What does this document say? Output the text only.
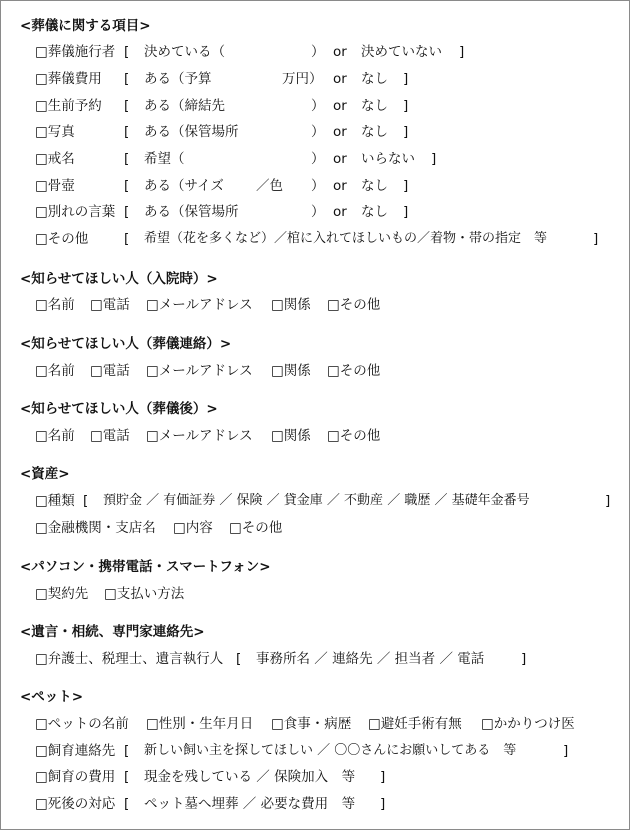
<葬儀に関する項目>
□葬儀施行者 [ 決めている（	） or 決めていない ]
□葬儀費用 [ ある（予算	万円） or なし ]
□生前予約 [ ある（締結先	） or なし ]
□写真	[ ある（保管場所	） or なし ]
□戒名	[ 希望（	） or いらない ]
□骨壺	[ ある（サイズ ／色 ） or なし ]
□別れの言葉 [ ある（保管場所	） or なし ]
□その他	[ 希望（花を多くなど）／棺に入れてほしいもの／着物・帯の指定　等	]
<知らせてほしい人（入院時）>
□名前 □電話 □メールアドレス □関係 □その他
<知らせてほしい人（葬儀連絡）>
□名前 □電話 □メールアドレス □関係 □その他
<知らせてほしい人（葬儀後）>
□名前 □電話 □メールアドレス □関係 □その他
<資産>
□種類 [ 預貯金 ／ 有価証券 ／ 保険 ／ 貸金庫 ／ 不動産 ／ 職歴 ／ 基礎年金番号	]
□金融機関・支店名 □内容 □その他
<パソコン・携帯電話・スマートフォン>
□契約先 □支払い方法
<遺言・相続、専門家連絡先>
□弁護士、税理士、遺言執行人 [ 事務所名 ／ 連絡先 ／ 担当者 ／ 電話	]
<ペット>
□ペットの名前 □性別・生年月日 □食事・病歴 □避妊手術有無 □かかりつけ医
□飼育連絡先 [ 新しい飼い主を探してほしい ／ 〇〇さんにお願いしてある　等	]
□飼育の費用 [ 現金を残している ／ 保険加入　等 ]
□死後の対応 [ ペット墓へ埋葬 ／ 必要な費用　等 ]
